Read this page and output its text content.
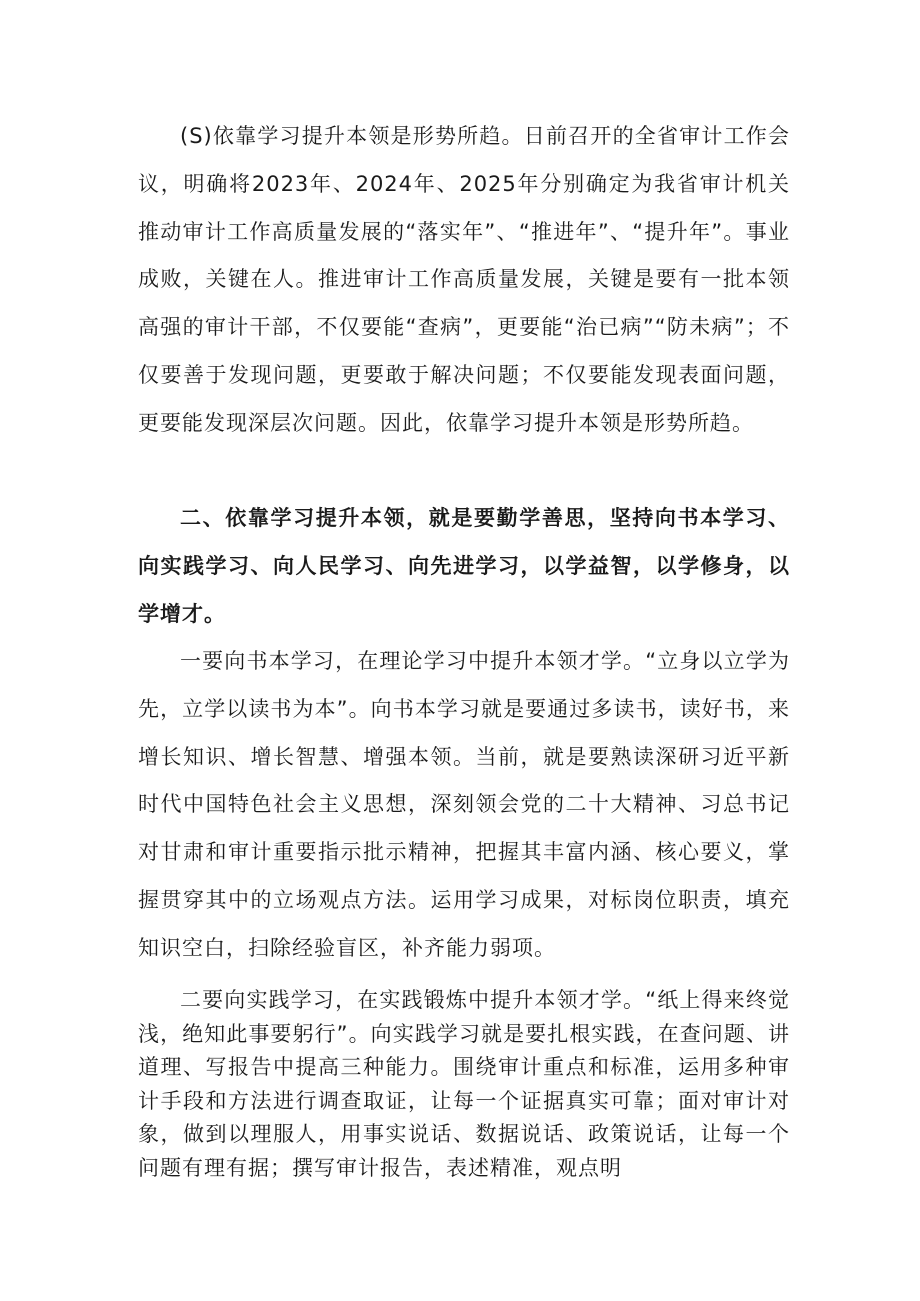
(S)依靠学习提升本领是形势所趋。日前召开的全省审计工作会议，明确将2023年、2024年、2025年分别确定为我省审计机关推动审计工作高质量发展的“落实年”、“推进年”、“提升年”。事业成败，关键在人。推进审计工作高质量发展，关键是要有一批本领高强的审计干部，不仅要能“查病”，更要能“治已病”“防未病”；不仅要善于发现问题，更要敢于解决问题；不仅要能发现表面问题，更要能发现深层次问题。因此，依靠学习提升本领是形势所趋。

二、依靠学习提升本领，就是要勤学善思，坚持向书本学习、向实践学习、向人民学习、向先进学习，以学益智，以学修身，以学增才。

一要向书本学习，在理论学习中提升本领才学。“立身以立学为先，立学以读书为本”。向书本学习就是要通过多读书，读好书，来增长知识、增长智慧、增强本领。当前，就是要熟读深研习近平新时代中国特色社会主义思想，深刻领会党的二十大精神、习总书记对甘肃和审计重要指示批示精神，把握其丰富内涵、核心要义，掌握贯穿其中的立场观点方法。运用学习成果，对标岗位职责，填充知识空白，扫除经验盲区，补齐能力弱项。

二要向实践学习，在实践锻炼中提升本领才学。“纸上得来终觉浅，绝知此事要躬行”。向实践学习就是要扎根实践，在查问题、讲道理、写报告中提高三种能力。围绕审计重点和标准，运用多种审计手段和方法进行调查取证，让每一个证据真实可靠；面对审计对象，做到以理服人，用事实说话、数据说话、政策说话，让每一个问题有理有据；撰写审计报告，表述精准，观点明
